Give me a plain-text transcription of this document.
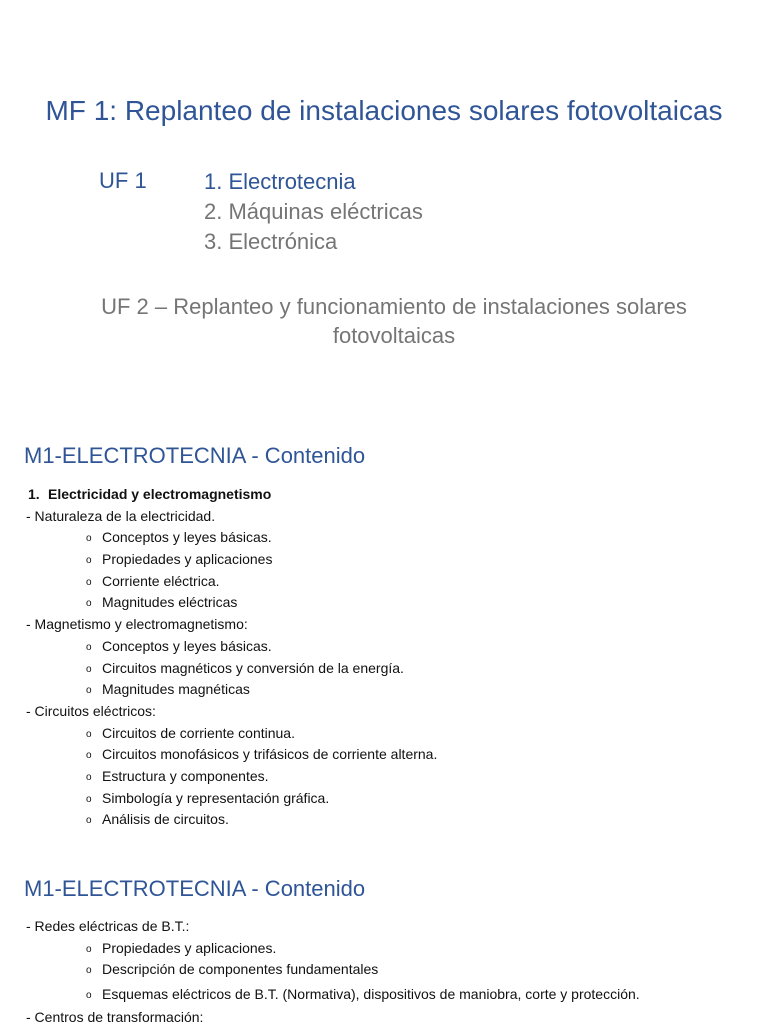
MF 1: Replanteo de instalaciones solares fotovoltaicas
UF 1	1. Electrotecnia
2. Máquinas eléctricas
3. Electrónica
UF 2 – Replanteo y funcionamiento de instalaciones solares fotovoltaicas
M1-ELECTROTECNIA - Contenido
1. Electricidad y electromagnetismo
- Naturaleza de la electricidad.
o Conceptos y leyes básicas.
o Propiedades y aplicaciones
o Corriente eléctrica.
o Magnitudes eléctricas
- Magnetismo y electromagnetismo:
o Conceptos y leyes básicas.
o Circuitos magnéticos y conversión de la energía.
o Magnitudes magnéticas
- Circuitos eléctricos:
o Circuitos de corriente continua.
o Circuitos monofásicos y trifásicos de corriente alterna.
o Estructura y componentes.
o Simbología y representación gráfica.
o Análisis de circuitos.
M1-ELECTROTECNIA - Contenido
- Redes eléctricas de B.T.:
o Propiedades y aplicaciones.
o Descripción de componentes fundamentales
o Esquemas eléctricos de B.T. (Normativa), dispositivos de maniobra, corte y protección.
- Centros de transformación:
